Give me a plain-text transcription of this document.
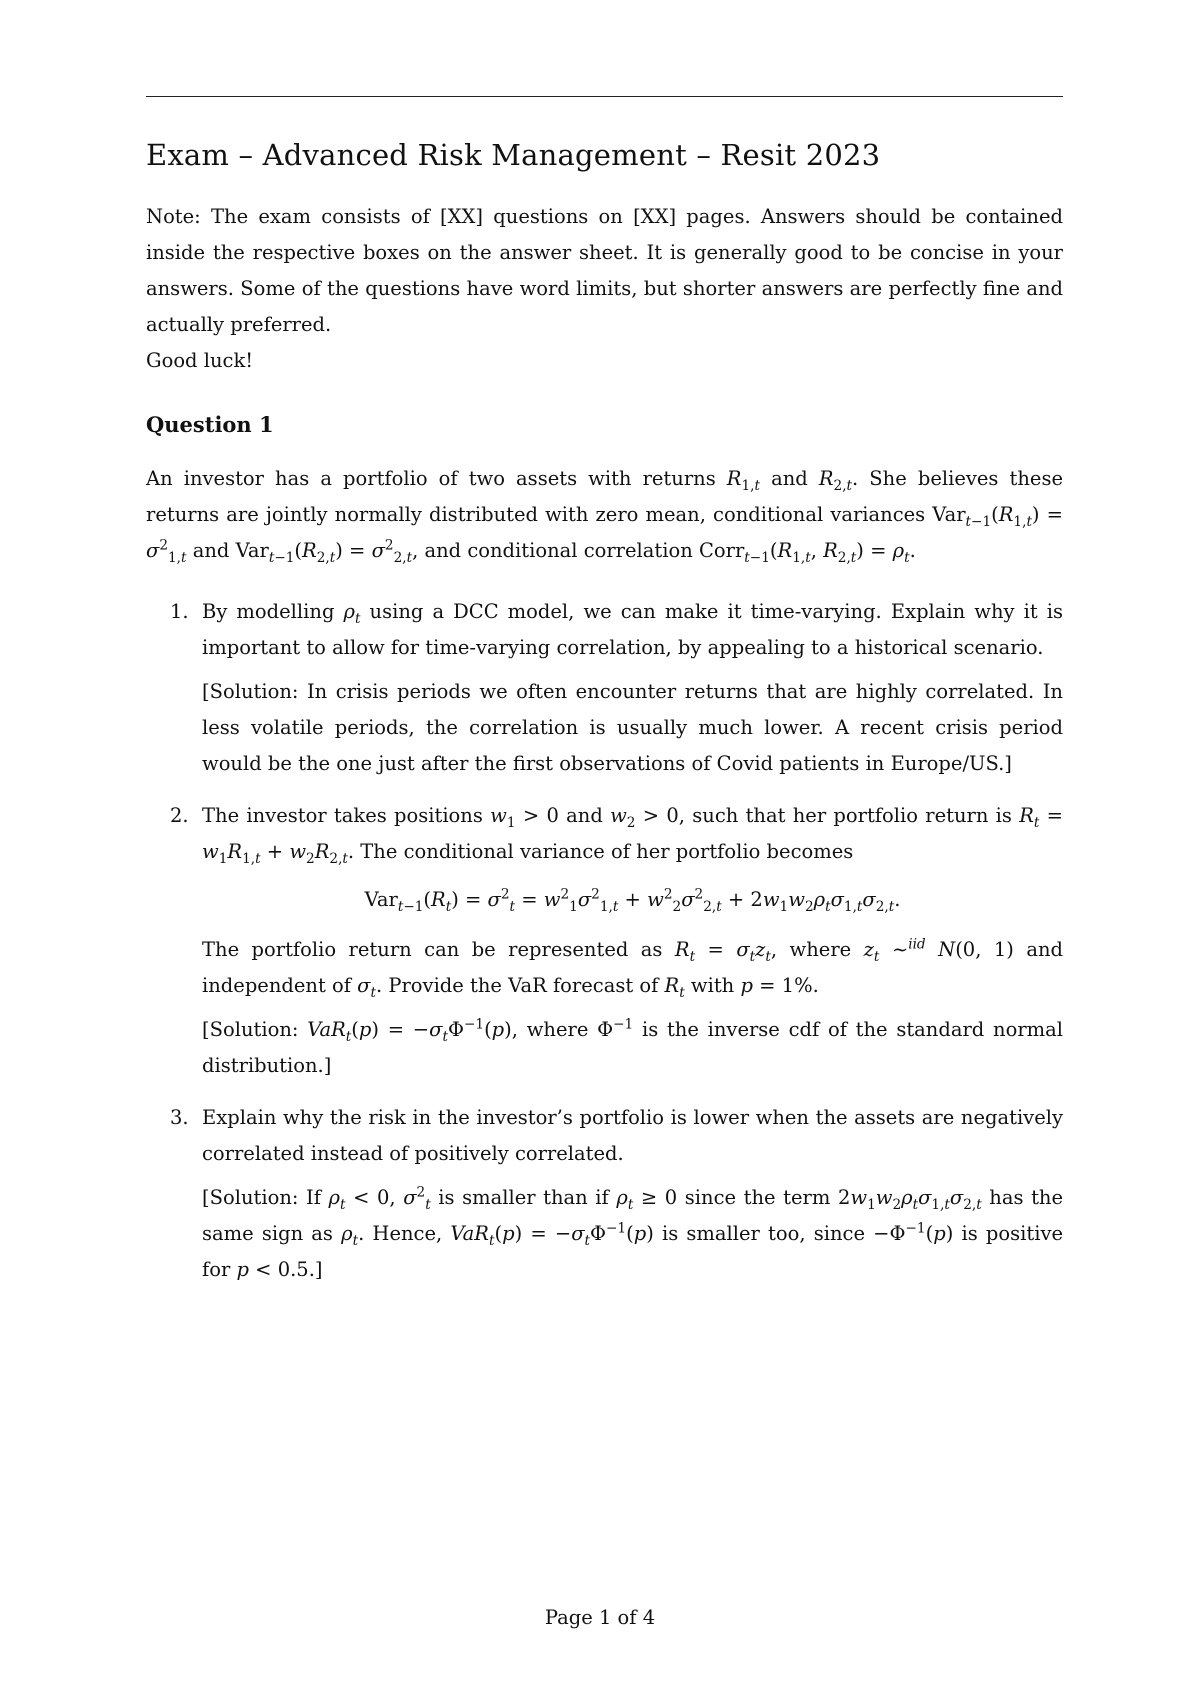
Exam – Advanced Risk Management – Resit 2023

Note: The exam consists of [XX] questions on [XX] pages. Answers should be contained inside the respective boxes on the answer sheet. It is generally good to be concise in your answers. Some of the questions have word limits, but shorter answers are perfectly fine and actually preferred.

Good luck!

Question 1

An investor has a portfolio of two assets with returns $R_{1,t}$ and $R_{2,t}$. She believes these returns are jointly normally distributed with zero mean, conditional variances $Var_{t-1}(R_{1,t}) = \sigma^2_{1,t}$ and $Var_{t-1}(R_{2,t}) = \sigma^2_{2,t}$, and conditional correlation $Corr_{t-1}(R_{1,t}$, $R_{2,t}) = \rho_t$.

1. By modelling $\rho_t$ using a DCC model, we can make it time-varying. Explain why it is important to allow for time-varying correlation, by appealing to a historical scenario.

[Solution: In crisis periods we often encounter returns that are highly correlated. In less volatile periods, the correlation is usually much lower. A recent crisis period would be the one just after the first observations of Covid patients in Europe/US.]

2. The investor takes positions $w_1 > 0$ and $w_2 > 0$, such that her portfolio return is $R_t = w_1R_{1,t} + w_2R_{2,t}$. The conditional variance of her portfolio becomes

$Var_{t-1}(R_t) = \sigma^2_t = w^2_1\sigma^2_{1,t} + w^2_2\sigma^2_{2,t} + 2w_1w_2\rho_t\sigma_{1,t}\sigma_{2,t}$.

The portfolio return can be represented as $R_t = \sigma_tz_t$, where $z_t$ ∼$^{iid}$ N(0, 1) and independent of $\sigma_t$. Provide the VaR forecast of $R_t$ with p = 1%.

[Solution: $VaR_t(p) = -\sigma_t\Phi^{-1}(p)$, where $\Phi^{-1}$ is the inverse cdf of the standard normal distribution.]

3. Explain why the risk in the investor’s portfolio is lower when the assets are negatively correlated instead of positively correlated.

[Solution: If $\rho_t < 0$, $\sigma^2_t$ is smaller than if $\rho_t \ge 0$ since the term $2w_1w_2\rho_t\sigma_{1,t}\sigma_{2,t}$ has the same sign as $\rho_t$. Hence, $VaR_t(p) = -\sigma_t\Phi^{-1}(p)$ is smaller too, since $-\Phi^{-1}(p)$ is positive for p < 0.5.]

Page 1 of 4
